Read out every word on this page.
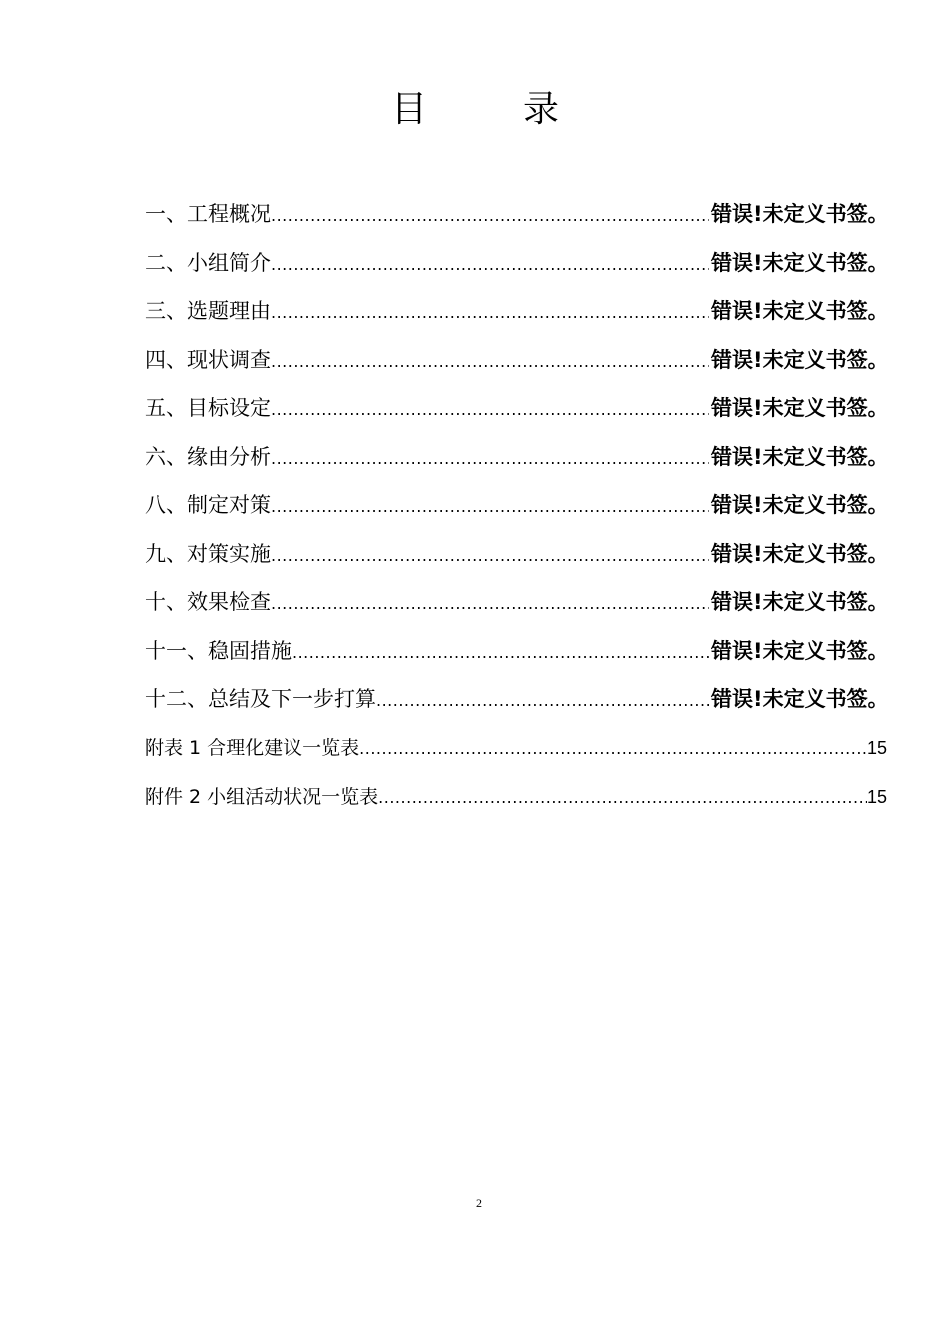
目	录
一、工程概况 .....	错误!未定义书签。
二、小组简介 .....	错误!未定义书签。
三、选题理由 .....	错误!未定义书签。
四、现状调查 .....	错误!未定义书签。
五、目标设定 .....	错误!未定义书签。
六、缘由分析 .....	错误!未定义书签。
八、制定对策 .....	错误!未定义书签。
九、对策实施 .....	错误!未定义书签。
十、效果检查 .....	错误!未定义书签。
十一、稳固措施 .....	错误!未定义书签。
十二、总结及下一步打算 .....	错误!未定义书签。
附表 1 合理化建议一览表 .....	15
附件 2 小组活动状况一览表 .....	15
2
